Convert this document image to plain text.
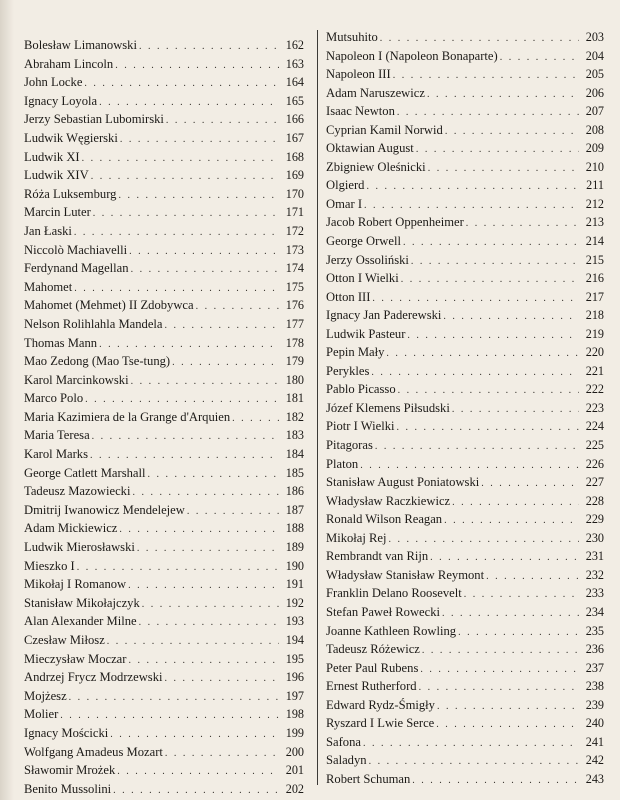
Bolesław Limanowski . . .	162
Abraham Lincoln . . .	163
John Locke . . .	164
Ignacy Loyola . . .	165
Jerzy Sebastian Lubomirski . . .	166
Ludwik Węgierski . . .	167
Ludwik XI . . .	168
Ludwik XIV . . .	169
Róża Luksemburg . . .	170
Marcin Luter . . .	171
Jan Łaski . . .	172
Niccolò Machiavelli . . .	173
Ferdynand Magellan . . .	174
Mahomet . . .	175
Mahomet (Mehmet) II Zdobywca . . .	176
Nelson Rolihlahla Mandela . . .	177
Thomas Mann . . .	178
Mao Zedong (Mao Tse-tung) . . .	179
Karol Marcinkowski . . .	180
Marco Polo . . .	181
Maria Kazimiera de la Grange d'Arquien . . .	182
Maria Teresa . . .	183
Karol Marks . . .	184
George Catlett Marshall . . .	185
Tadeusz Mazowiecki . . .	186
Dmitrij Iwanowicz Mendelejew . . .	187
Adam Mickiewicz . . .	188
Ludwik Mierosławski . . .	189
Mieszko I . . .	190
Mikołaj I Romanow . . .	191
Stanisław Mikołajczyk . . .	192
Alan Alexander Milne . . .	193
Czesław Miłosz . . .	194
Mieczysław Moczar . . .	195
Andrzej Frycz Modrzewski . . .	196
Mojżesz . . .	197
Molier . . .	198
Ignacy Mościcki . . .	199
Wolfgang Amadeus Mozart . . .	200
Sławomir Mrożek . . .	201
Benito Mussolini . . .	202
Mutsuhito . . .	203
Napoleon I (Napoleon Bonaparte) . . .	204
Napoleon III . . .	205
Adam Naruszewicz . . .	206
Isaac Newton . . .	207
Cyprian Kamil Norwid . . .	208
Oktawian August . . .	209
Zbigniew Oleśnicki . . .	210
Olgierd . . .	211
Omar I . . .	212
Jacob Robert Oppenheimer . . .	213
George Orwell . . .	214
Jerzy Ossoliński . . .	215
Otton I Wielki . . .	216
Otton III . . .	217
Ignacy Jan Paderewski . . .	218
Ludwik Pasteur . . .	219
Pepin Mały . . .	220
Perykles . . .	221
Pablo Picasso . . .	222
Józef Klemens Piłsudski . . .	223
Piotr I Wielki . . .	224
Pitagoras . . .	225
Platon . . .	226
Stanisław August Poniatowski . . .	227
Władysław Raczkiewicz . . .	228
Ronald Wilson Reagan . . .	229
Mikołaj Rej . . .	230
Rembrandt van Rijn . . .	231
Władysław Stanisław Reymont . . .	232
Franklin Delano Roosevelt . . .	233
Stefan Paweł Rowecki . . .	234
Joanne Kathleen Rowling . . .	235
Tadeusz Różewicz . . .	236
Peter Paul Rubens . . .	237
Ernest Rutherford . . .	238
Edward Rydz-Śmigły . . .	239
Ryszard I Lwie Serce . . .	240
Safona . . .	241
Saladyn . . .	242
Robert Schuman . . .	243
